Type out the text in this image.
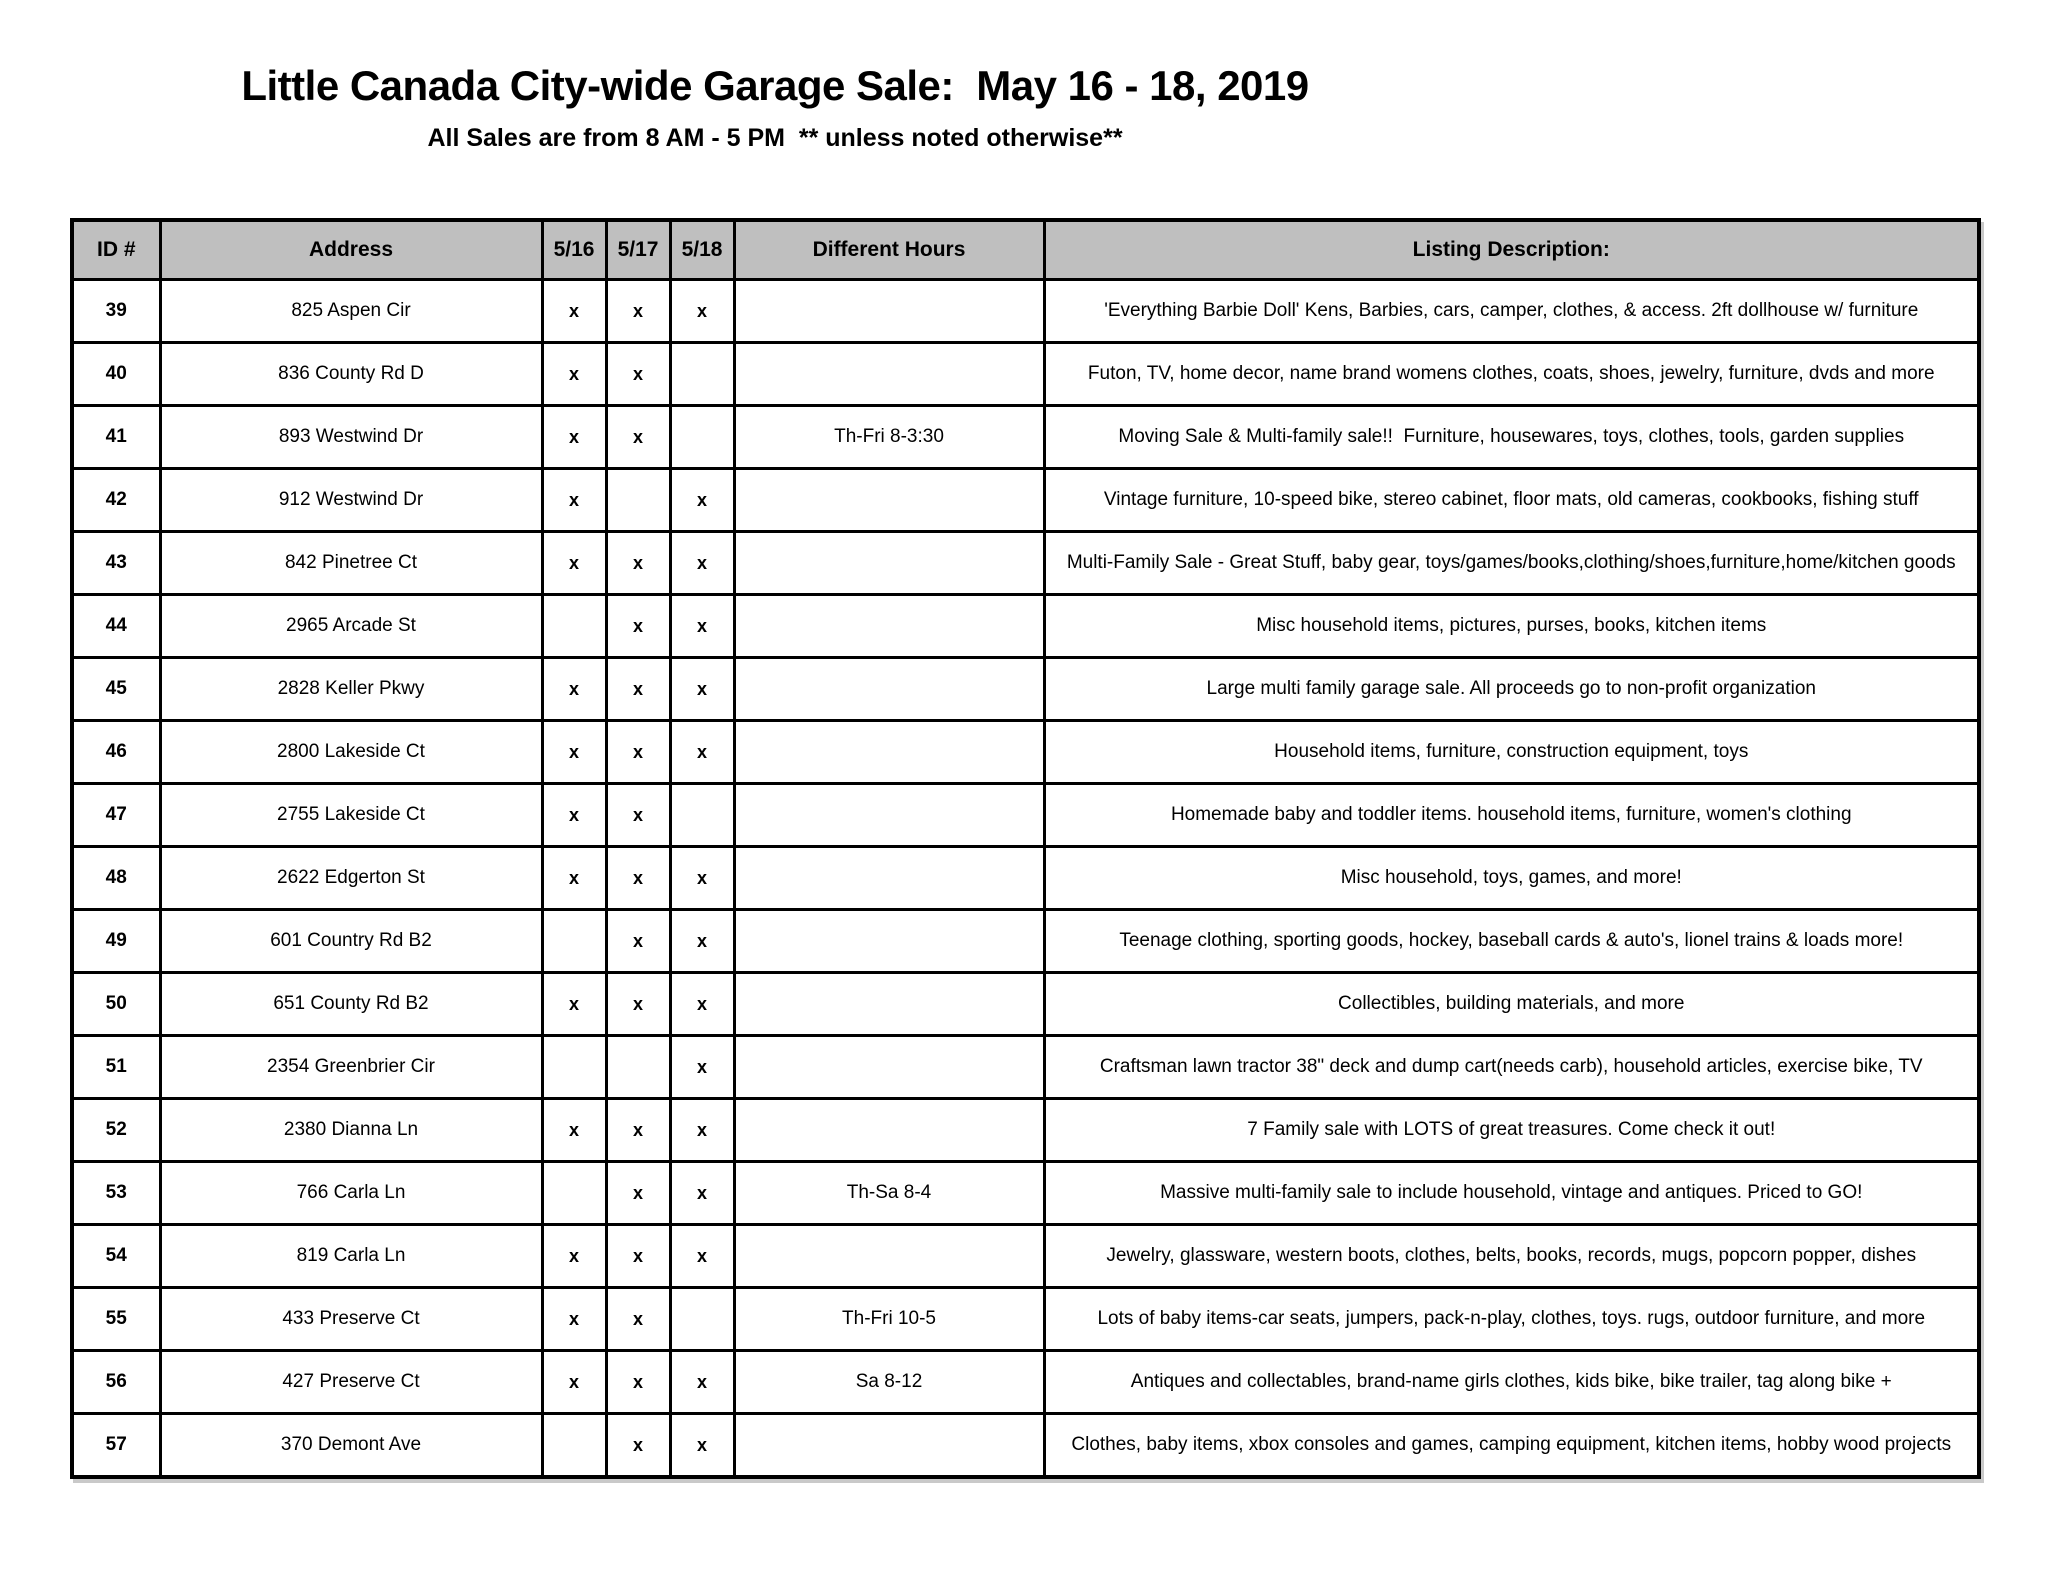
Little Canada City-wide Garage Sale:  May 16 - 18, 2019
All Sales are from 8 AM - 5 PM  ** unless noted otherwise**
ID #	Address	5/16	5/17	5/18	Different Hours	Listing Description:
39	825 Aspen Cir	x	x	x		'Everything Barbie Doll' Kens, Barbies, cars, camper, clothes, & access. 2ft dollhouse w/ furniture
40	836 County Rd D	x	x			Futon, TV, home decor, name brand womens clothes, coats, shoes, jewelry, furniture, dvds and more
41	893 Westwind Dr	x	x		Th-Fri 8-3:30	Moving Sale & Multi-family sale!!  Furniture, housewares, toys, clothes, tools, garden supplies
42	912 Westwind Dr	x		x		Vintage furniture, 10-speed bike, stereo cabinet, floor mats, old cameras, cookbooks, fishing stuff
43	842 Pinetree Ct	x	x	x		Multi-Family Sale - Great Stuff, baby gear, toys/games/books,clothing/shoes,furniture,home/kitchen goods
44	2965 Arcade St		x	x		Misc household items, pictures, purses, books, kitchen items
45	2828 Keller Pkwy	x	x	x		Large multi family garage sale. All proceeds go to non-profit organization
46	2800 Lakeside Ct	x	x	x		Household items, furniture, construction equipment, toys
47	2755 Lakeside Ct	x	x			Homemade baby and toddler items. household items, furniture, women's clothing
48	2622 Edgerton St	x	x	x		Misc household, toys, games, and more!
49	601 Country Rd B2		x	x		Teenage clothing, sporting goods, hockey, baseball cards & auto's, lionel trains & loads more!
50	651 County Rd B2	x	x	x		Collectibles, building materials, and more
51	2354 Greenbrier Cir			x		Craftsman lawn tractor 38" deck and dump cart(needs carb), household articles, exercise bike, TV
52	2380 Dianna Ln	x	x	x		7 Family sale with LOTS of great treasures. Come check it out!
53	766 Carla Ln		x	x	Th-Sa 8-4	Massive multi-family sale to include household, vintage and antiques. Priced to GO!
54	819 Carla Ln	x	x	x		Jewelry, glassware, western boots, clothes, belts, books, records, mugs, popcorn popper, dishes
55	433 Preserve Ct	x	x		Th-Fri 10-5	Lots of baby items-car seats, jumpers, pack-n-play, clothes, toys. rugs, outdoor furniture, and more
56	427 Preserve Ct	x	x	x	Sa 8-12	Antiques and collectables, brand-name girls clothes, kids bike, bike trailer, tag along bike +
57	370 Demont Ave		x	x		Clothes, baby items, xbox consoles and games, camping equipment, kitchen items, hobby wood projects
